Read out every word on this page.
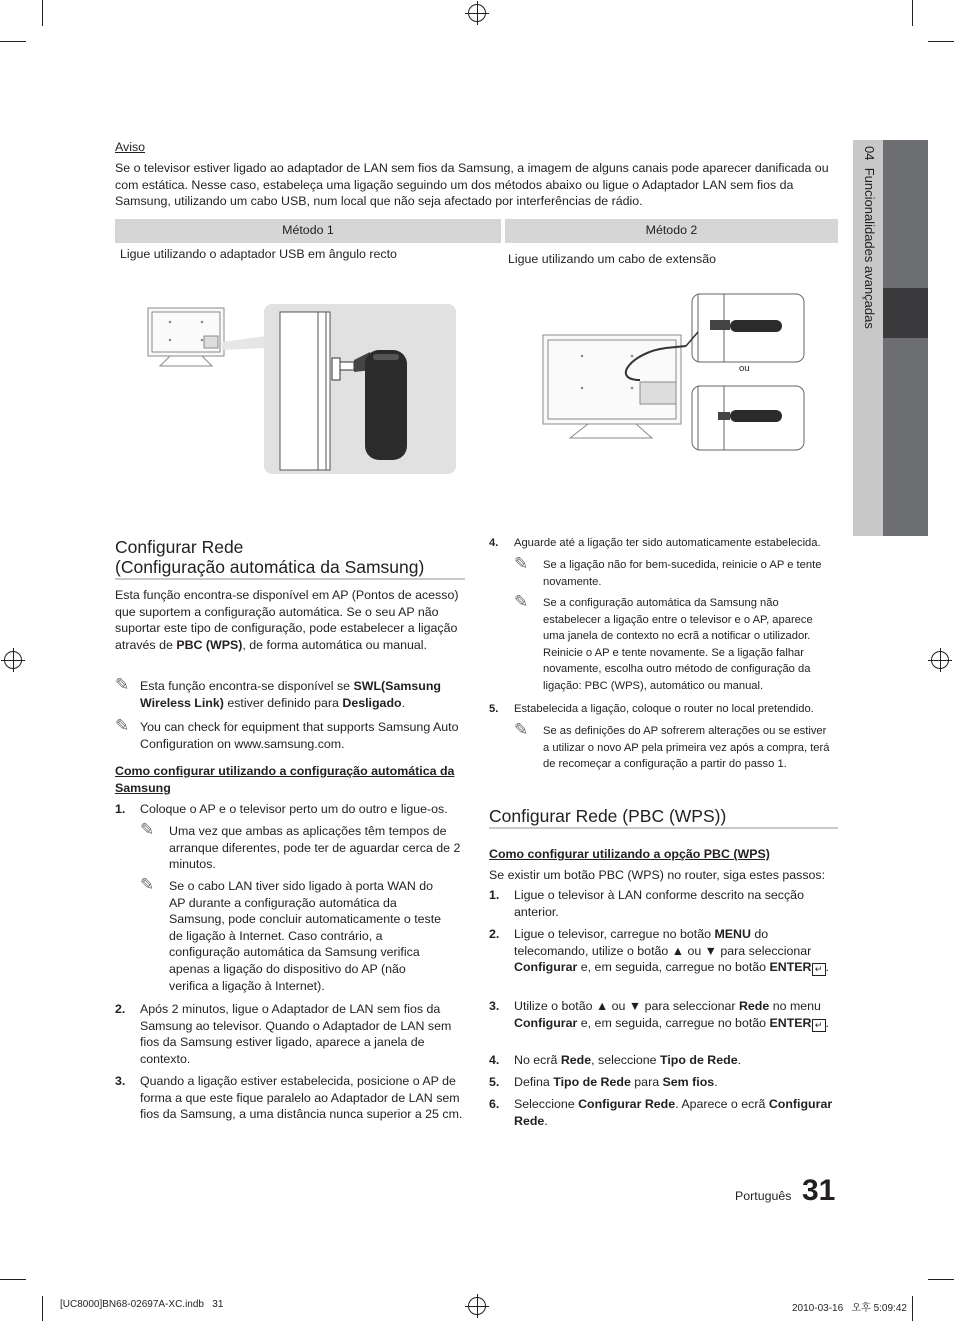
04  Funcionalidades avançadas
Aviso
Se o televisor estiver ligado ao adaptador de LAN sem fios da Samsung, a imagem de alguns canais pode aparecer danificada ou com estática. Nesse caso, estabeleça uma ligação seguindo um dos métodos abaixo ou ligue o Adaptador LAN sem fios da Samsung, utilizando um cabo USB, num local que não seja afectado por interferências de rádio.
Método 1	Método 2
Ligue utilizando o adaptador USB em ângulo recto	Ligue utilizando um cabo de extensão
ou
Configurar Rede
(Configuração automática da Samsung)
Esta função encontra-se disponível em AP (Pontos de acesso) que suportem a configuração automática. Se o seu AP não suportar este tipo de configuração, pode estabelecer a ligação através de PBC (WPS), de forma automática ou manual.
✎ Esta função encontra-se disponível se SWL(Samsung Wireless Link) estiver definido para Desligado.
✎ You can check for equipment that supports Samsung Auto Configuration on www.samsung.com.
Como configurar utilizando a configuração automática da Samsung
1. Coloque o AP e o televisor perto um do outro e ligue-os.
✎ Uma vez que ambas as aplicações têm tempos de arranque diferentes, pode ter de aguardar cerca de 2 minutos.
✎ Se o cabo LAN tiver sido ligado à porta WAN do AP durante a configuração automática da Samsung, pode concluir automaticamente o teste de ligação à Internet. Caso contrário, a configuração automática da Samsung verifica apenas a ligação do dispositivo do AP (não verifica a ligação à Internet).
2. Após 2 minutos, ligue o Adaptador de LAN sem fios da Samsung ao televisor. Quando o Adaptador de LAN sem fios da Samsung estiver ligado, aparece a janela de contexto.
3. Quando a ligação estiver estabelecida, posicione o AP de forma a que este fique paralelo ao Adaptador de LAN sem fios da Samsung, a uma distância nunca superior a 25 cm.
4. Aguarde até a ligação ter sido automaticamente estabelecida.
✎ Se a ligação não for bem-sucedida, reinicie o AP e tente novamente.
✎ Se a configuração automática da Samsung não estabelecer a ligação entre o televisor e o AP, aparece uma janela de contexto no ecrã a notificar o utilizador. Reinicie o AP e tente novamente. Se a ligação falhar novamente, escolha outro método de configuração da ligação: PBC (WPS), automático ou manual.
5. Estabelecida a ligação, coloque o router no local pretendido.
✎ Se as definições do AP sofrerem alterações ou se estiver a utilizar o novo AP pela primeira vez após a compra, terá de recomeçar a configuração a partir do passo 1.
Configurar Rede (PBC (WPS))
Como configurar utilizando a opção PBC (WPS)
Se existir um botão PBC (WPS) no router, siga estes passos:
1. Ligue o televisor à LAN conforme descrito na secção anterior.
2. Ligue o televisor, carregue no botão MENU do telecomando, utilize o botão ▲ ou ▼ para seleccionar Configurar e, em seguida, carregue no botão ENTER ↵ .
3. Utilize o botão ▲ ou ▼ para seleccionar Rede no menu Configurar e, em seguida, carregue no botão ENTER ↵ .
4. No ecrã Rede, seleccione Tipo de Rede.
5. Defina Tipo de Rede para Sem fios.
6. Seleccione Configurar Rede. Aparece o ecrã Configurar Rede.
Português 31
[UC8000]BN68-02697A-XC.indb   31	2010-03-16   오후 5:09:42
